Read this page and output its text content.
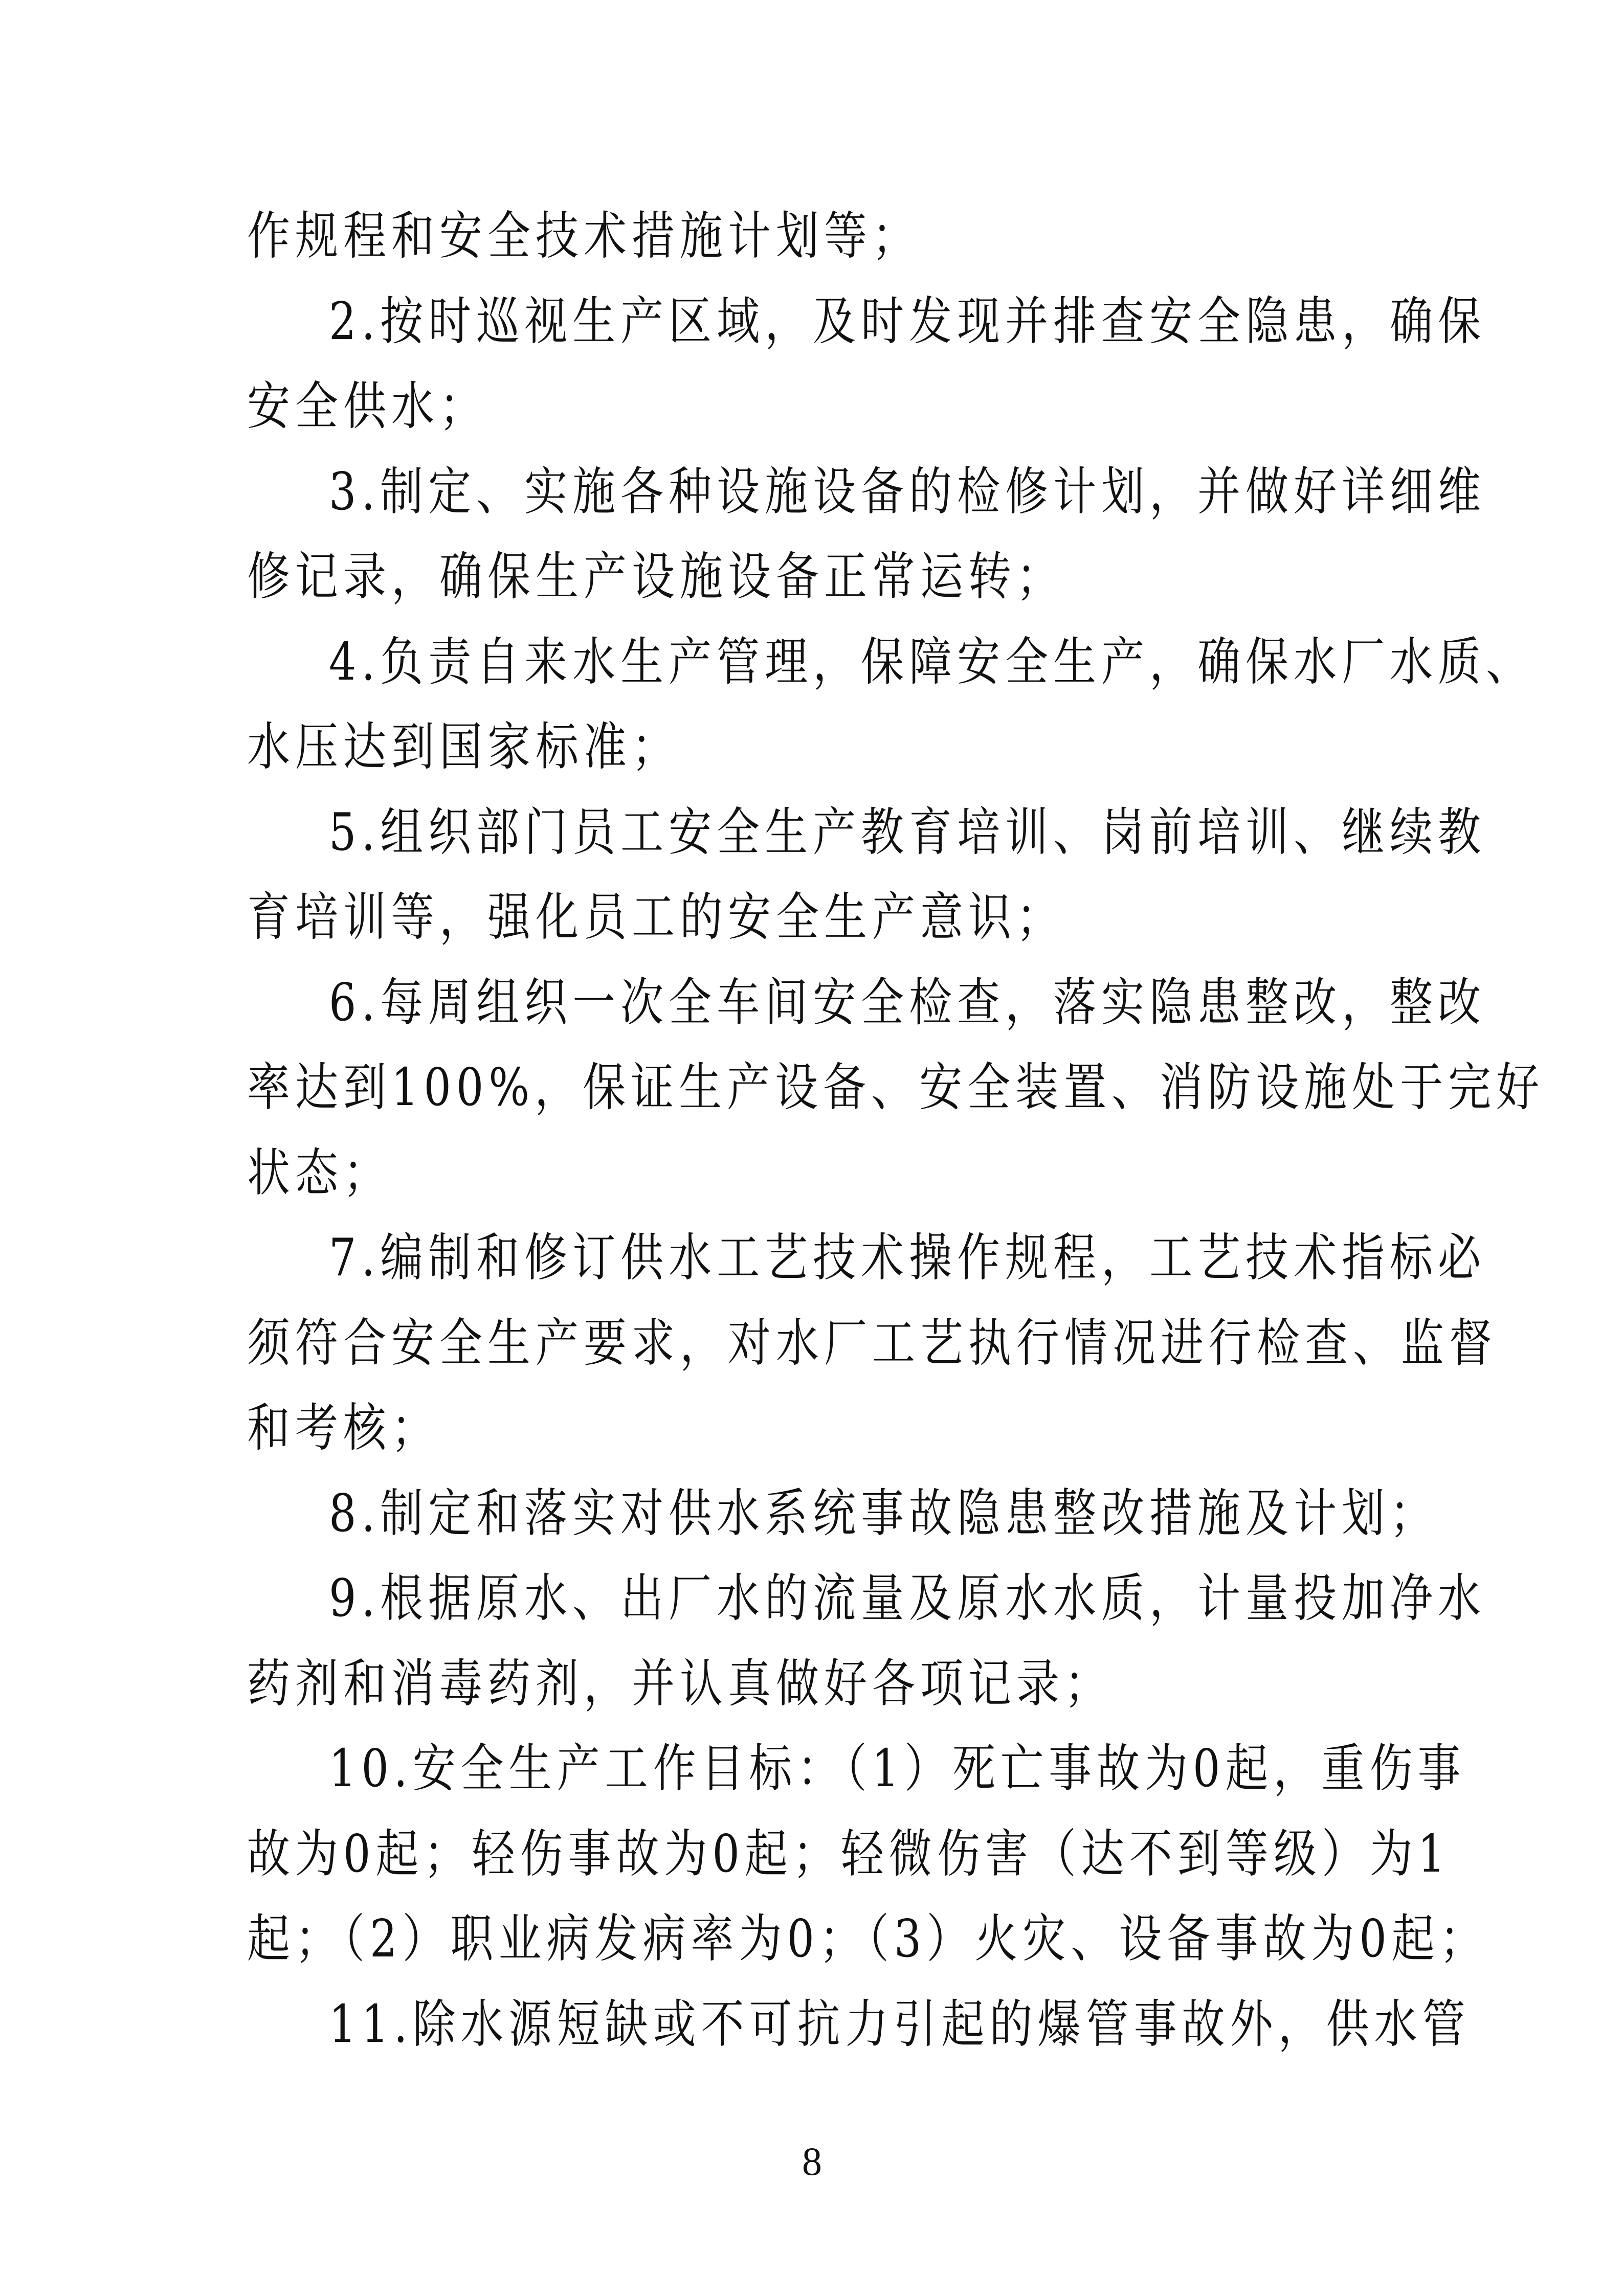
作规程和安全技术措施计划等；
2.按时巡视生产区域，及时发现并排查安全隐患，确保
安全供水；
3.制定、实施各种设施设备的检修计划，并做好详细维
修记录，确保生产设施设备正常运转；
4.负责自来水生产管理，保障安全生产，确保水厂水质、
水压达到国家标准；
5.组织部门员工安全生产教育培训、岗前培训、继续教
育培训等，强化员工的安全生产意识；
6.每周组织一次全车间安全检查，落实隐患整改，整改
率达到100%，保证生产设备、安全装置、消防设施处于完好
状态；
7.编制和修订供水工艺技术操作规程，工艺技术指标必
须符合安全生产要求，对水厂工艺执行情况进行检查、监督
和考核；
8.制定和落实对供水系统事故隐患整改措施及计划；
9.根据原水、出厂水的流量及原水水质，计量投加净水
药剂和消毒药剂，并认真做好各项记录；
10.安全生产工作目标：（1）死亡事故为0起，重伤事
故为0起；轻伤事故为0起；轻微伤害（达不到等级）为1
起；（2）职业病发病率为0；（3）火灾、设备事故为0起；
11.除水源短缺或不可抗力引起的爆管事故外，供水管
8
